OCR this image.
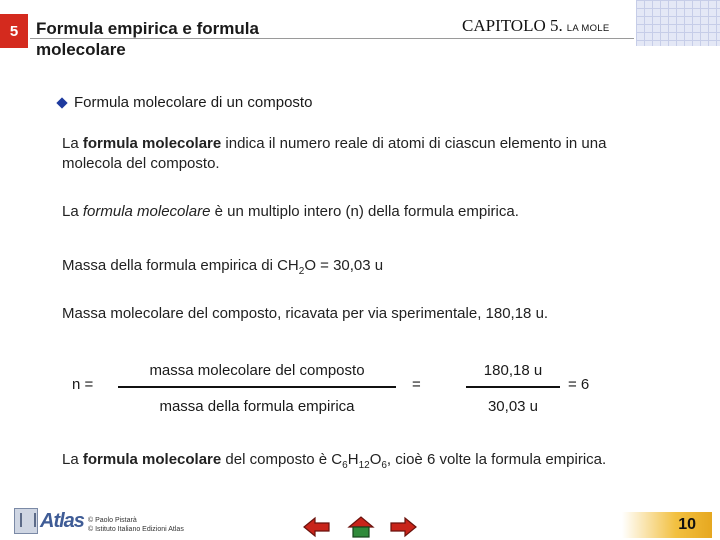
5	Formula empirica e formula molecolare
CAPITOLO 5. LA MOLE
Formula molecolare di un composto
La formula molecolare indica il numero reale di atomi di ciascun elemento in una molecola del composto.
La formula molecolare è un multiplo intero (n) della formula empirica.
Massa della formula empirica di $CH_2O = 30,03$ u
Massa molecolare del composto, ricavata per via sperimentale, 180,18 u.
n =
massa molecolare del composto
massa della formula empirica
=
180,18 u
30,03 u
= 6
La formula molecolare del composto è $C_6H_{12}O_6$, cioè 6 volte la formula empirica.
Atlas © Paolo Pistarà
© Istituto Italiano Edizioni Atlas	10
